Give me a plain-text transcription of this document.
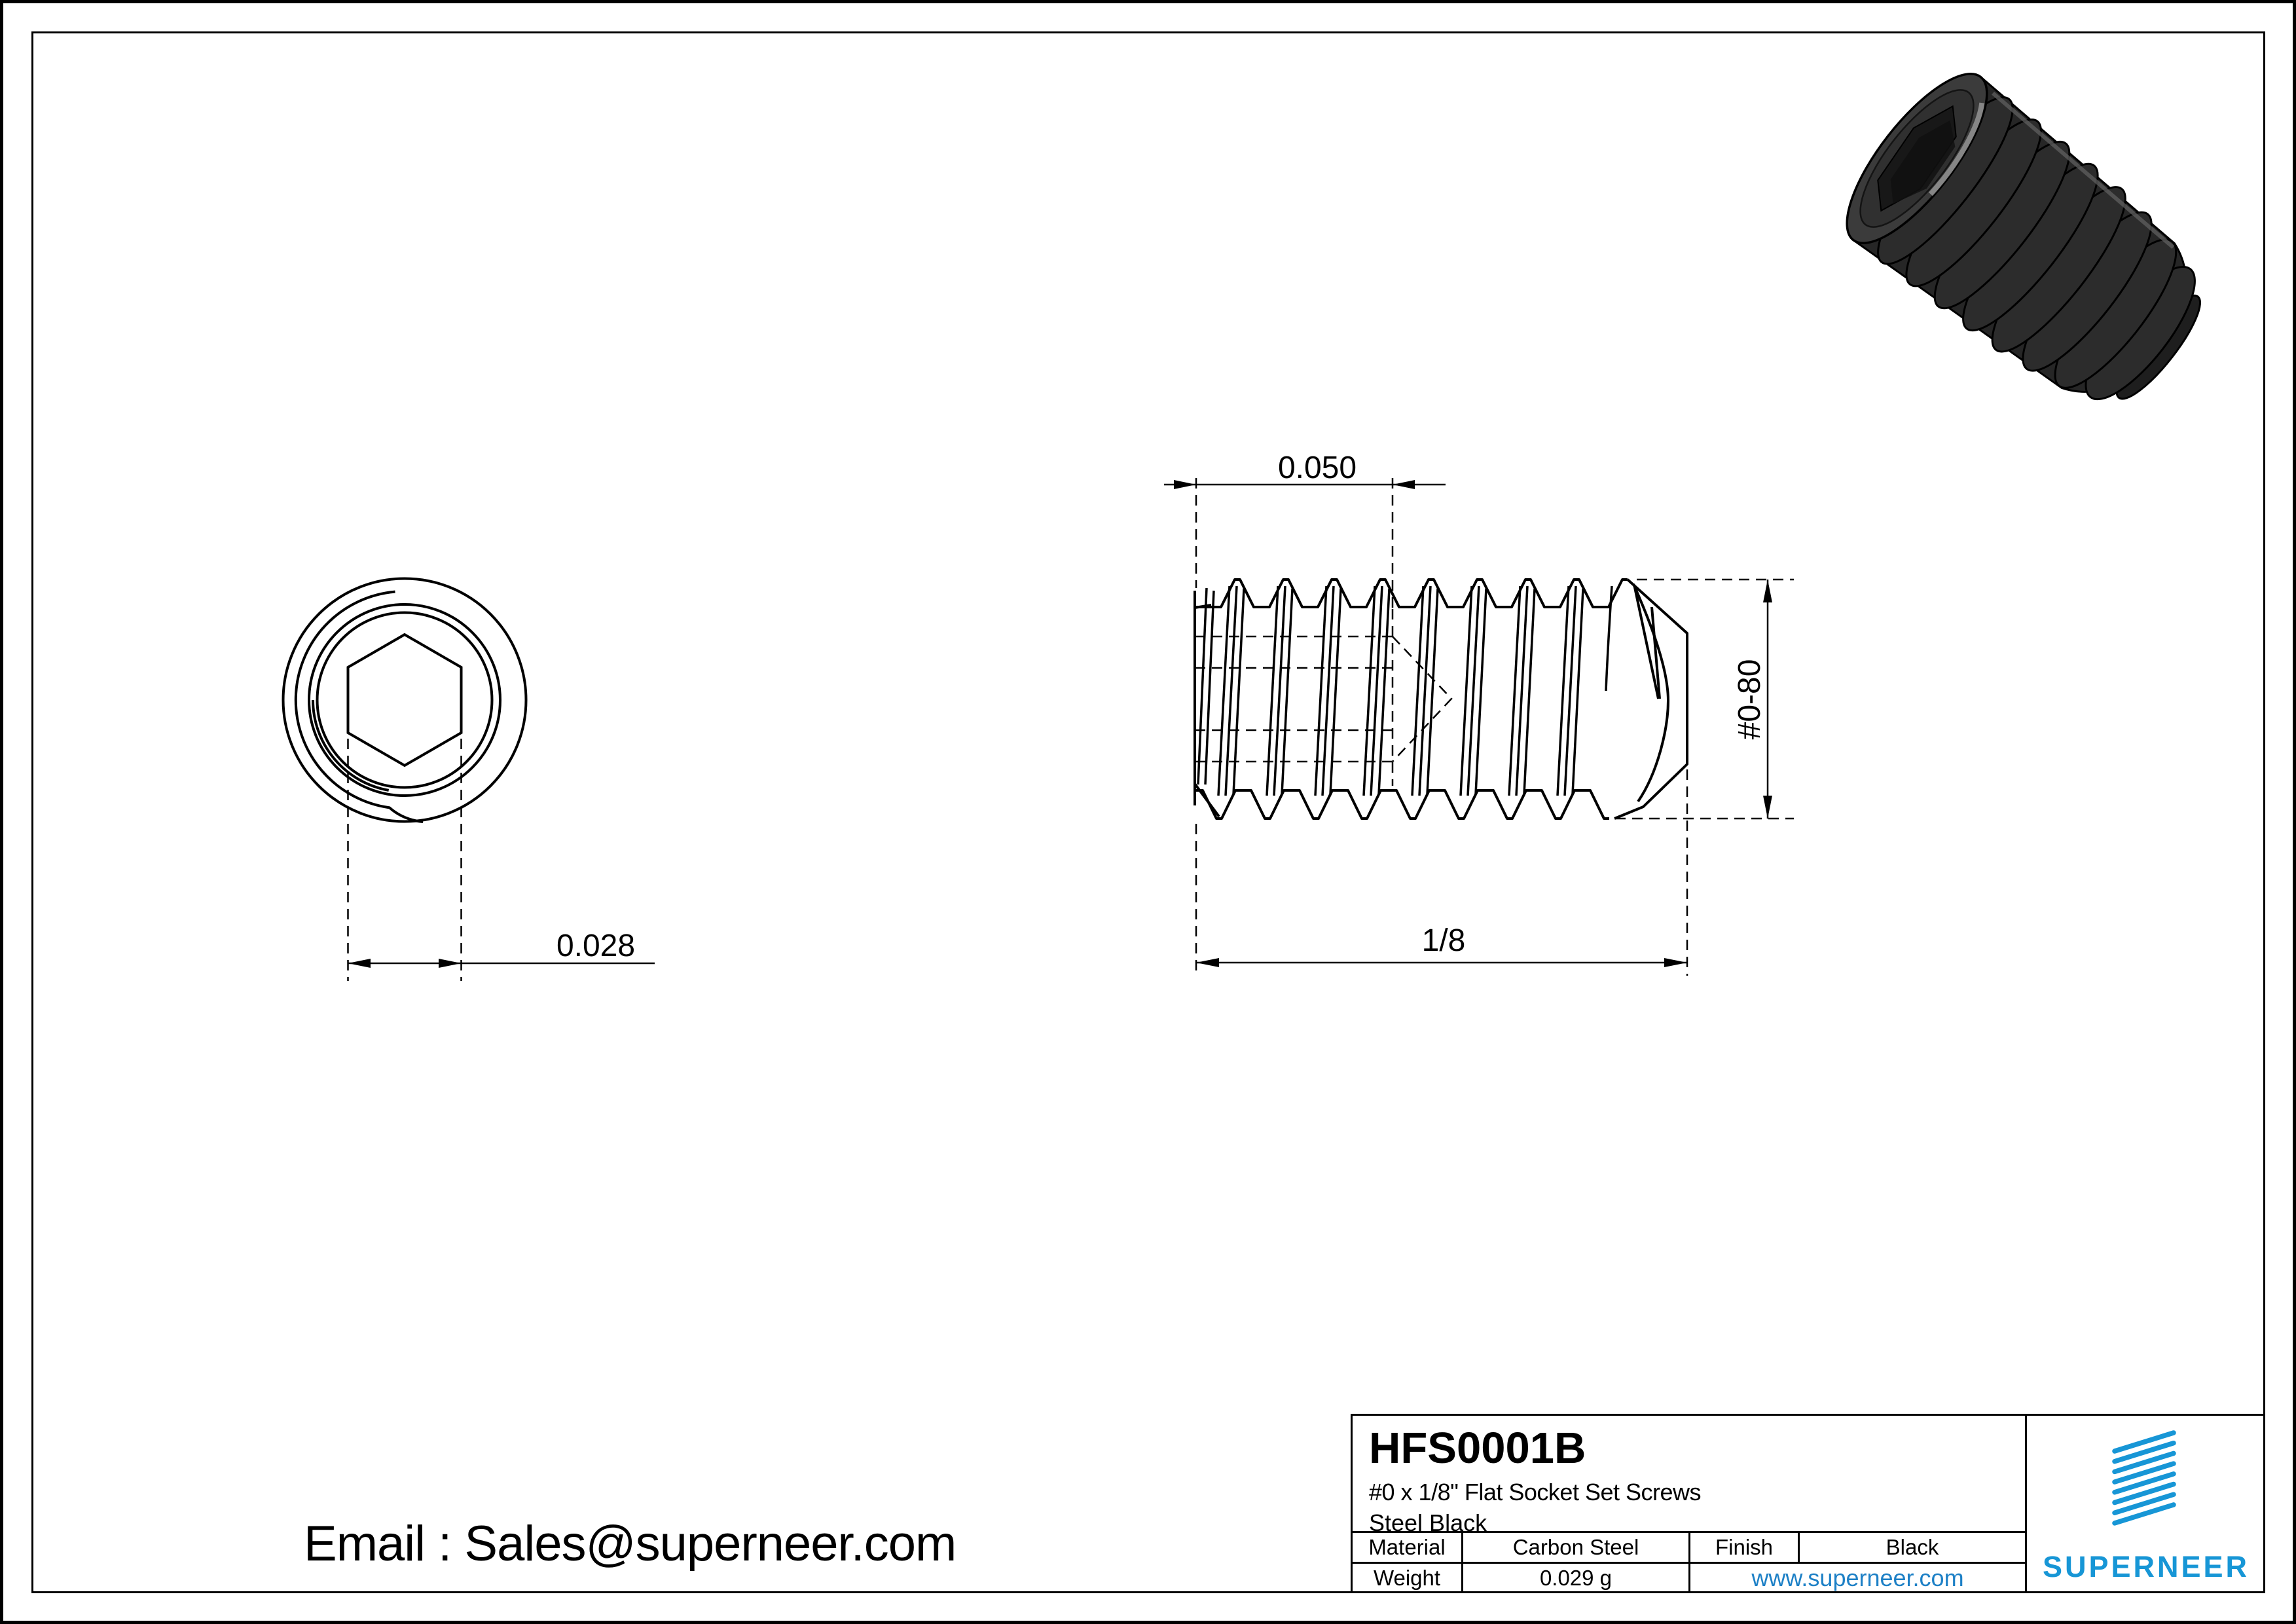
0.028
0.050
#0-80
1/8
Email : Sales@superneer.com
HFS0001B
#0 x 1/8" Flat Socket Set Screws
Steel Black
Material	Carbon Steel	Finish	Black
Weight	0.029 g	www.superneer.com	SUPERNEER
